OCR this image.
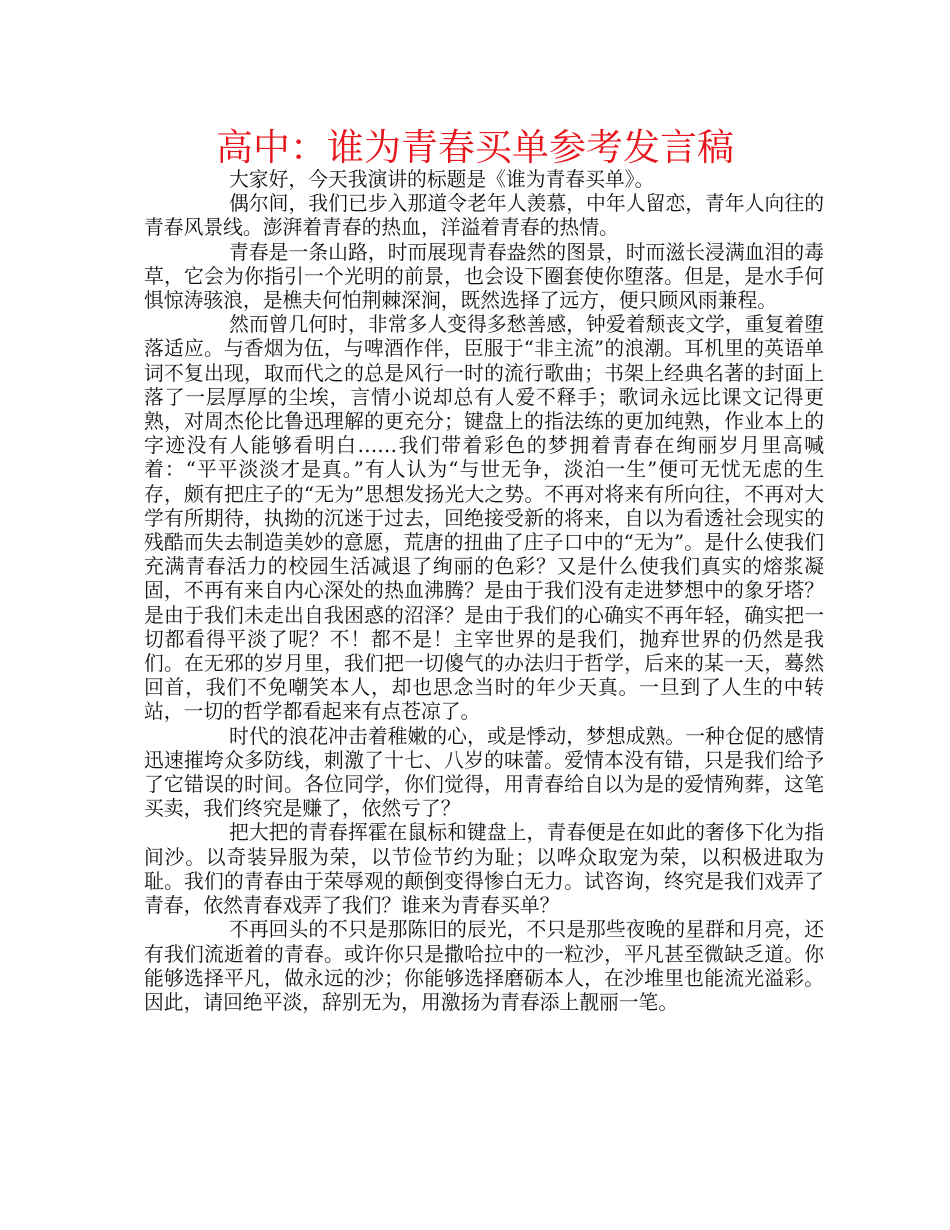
高中：谁为青春买单参考发言稿

大家好，今天我演讲的标题是《谁为青春买单》。

偶尔间，我们已步入那道令老年人羡慕，中年人留恋，青年人向往的青春风景线。澎湃着青春的热血，洋溢着青春的热情。

青春是一条山路，时而展现青春盎然的图景，时而滋长浸满血泪的毒草，它会为你指引一个光明的前景，也会设下圈套使你堕落。但是，是水手何惧惊涛骇浪，是樵夫何怕荆棘深涧，既然选择了远方，便只顾风雨兼程。

然而曾几何时，非常多人变得多愁善感，钟爱着颓丧文学，重复着堕落适应。与香烟为伍，与啤酒作伴，臣服于“非主流”的浪潮。耳机里的英语单词不复出现，取而代之的总是风行一时的流行歌曲；书架上经典名著的封面上落了一层厚厚的尘埃，言情小说却总有人爱不释手；歌词永远比课文记得更熟，对周杰伦比鲁迅理解的更充分；键盘上的指法练的更加纯熟，作业本上的字迹没有人能够看明白……我们带着彩色的梦拥着青春在绚丽岁月里高喊着：“平平淡淡才是真。”有人认为“与世无争，淡泊一生”便可无忧无虑的生存，颇有把庄子的“无为”思想发扬光大之势。不再对将来有所向往，不再对大学有所期待，执拗的沉迷于过去，回绝接受新的将来，自以为看透社会现实的残酷而失去制造美妙的意愿，荒唐的扭曲了庄子口中的“无为”。是什么使我们充满青春活力的校园生活减退了绚丽的色彩？又是什么使我们真实的熔浆凝固，不再有来自内心深处的热血沸腾？是由于我们没有走进梦想中的象牙塔？是由于我们未走出自我困惑的沼泽？是由于我们的心确实不再年轻，确实把一切都看得平淡了呢？不！都不是！主宰世界的是我们，抛弃世界的仍然是我们。在无邪的岁月里，我们把一切傻气的办法归于哲学，后来的某一天，蓦然回首，我们不免嘲笑本人，却也思念当时的年少天真。一旦到了人生的中转站，一切的哲学都看起来有点苍凉了。

时代的浪花冲击着稚嫩的心，或是悸动，梦想成熟。一种仓促的感情迅速摧垮众多防线，刺激了十七、八岁的味蕾。爱情本没有错，只是我们给予了它错误的时间。各位同学，你们觉得，用青春给自以为是的爱情殉葬，这笔买卖，我们终究是赚了，依然亏了？

把大把的青春挥霍在鼠标和键盘上，青春便是在如此的奢侈下化为指间沙。以奇装异服为荣，以节俭节约为耻；以哗众取宠为荣，以积极进取为耻。我们的青春由于荣辱观的颠倒变得惨白无力。试咨询，终究是我们戏弄了青春，依然青春戏弄了我们？谁来为青春买单？

不再回头的不只是那陈旧的辰光，不只是那些夜晚的星群和月亮，还有我们流逝着的青春。或许你只是撒哈拉中的一粒沙，平凡甚至微缺乏道。你能够选择平凡，做永远的沙；你能够选择磨砺本人，在沙堆里也能流光溢彩。因此，请回绝平淡，辞别无为，用激扬为青春添上靓丽一笔。
